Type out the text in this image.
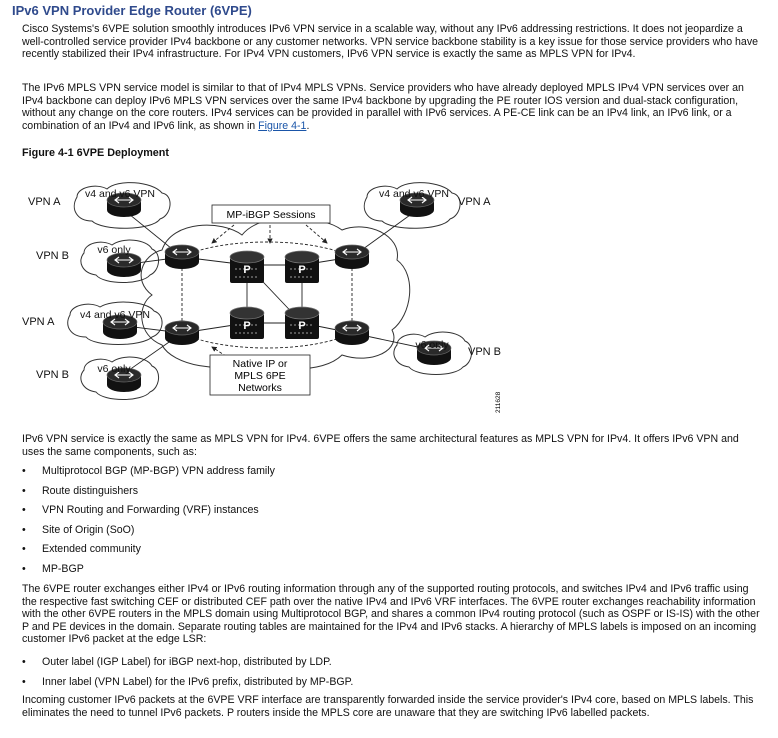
IPv6 VPN Provider Edge Router (6VPE)

Cisco Systems's 6VPE solution smoothly introduces IPv6 VPN service in a scalable way, without any IPv6 addressing restrictions. It does not jeopardize a well-controlled service provider IPv4 backbone or any customer networks. VPN service backbone stability is a key issue for those service providers who have recently stabilized their IPv4 infrastructure. For IPv4 VPN customers, IPv6 VPN service is exactly the same as MPLS VPN for IPv4.

The IPv6 MPLS VPN service model is similar to that of IPv4 MPLS VPNs. Service providers who have already deployed MPLS IPv4 VPN services over an IPv4 backbone can deploy IPv6 MPLS VPN services over the same IPv4 backbone by upgrading the PE router IOS version and dual-stack configuration, without any change on the core routers. IPv4 services can be provided in parallel with IPv6 services. A PE-CE link can be an IPv4 link, an IPv6 link, or a combination of an IPv4 and IPv6 link, as shown in Figure 4-1.

Figure 4-1 6VPE Deployment

P	P
P	P
MP-iBGP Sessions
Native IP or
MPLS 6PE
Networks
v4 and v6 VPN	v4 and v6 VPN
v6 only
v4 and v6 VPN
v6 only
v6 only
VPN A
VPN B
VPN A
VPN B
VPN A
VPN B
211628

IPv6 VPN service is exactly the same as MPLS VPN for IPv4. 6VPE offers the same architectural features as MPLS VPN for IPv4. It offers IPv6 VPN and uses the same components, such as:

• Multiprotocol BGP (MP-BGP) VPN address family
• Route distinguishers
• VPN Routing and Forwarding (VRF) instances
• Site of Origin (SoO)
• Extended community
• MP-BGP

The 6VPE router exchanges either IPv4 or IPv6 routing information through any of the supported routing protocols, and switches IPv4 and IPv6 traffic using the respective fast switching CEF or distributed CEF path over the native IPv4 and IPv6 VRF interfaces. The 6VPE router exchanges reachability information with the other 6VPE routers in the MPLS domain using Multiprotocol BGP, and shares a common IPv4 routing protocol (such as OSPF or IS-IS) with the other P and PE devices in the domain. Separate routing tables are maintained for the IPv4 and IPv6 stacks. A hierarchy of MPLS labels is imposed on an incoming customer IPv6 packet at the edge LSR:

• Outer label (IGP Label) for iBGP next-hop, distributed by LDP.
• Inner label (VPN Label) for the IPv6 prefix, distributed by MP-BGP.

Incoming customer IPv6 packets at the 6VPE VRF interface are transparently forwarded inside the service provider's IPv4 core, based on MPLS labels. This eliminates the need to tunnel IPv6 packets. P routers inside the MPLS core are unaware that they are switching IPv6 labelled packets.
